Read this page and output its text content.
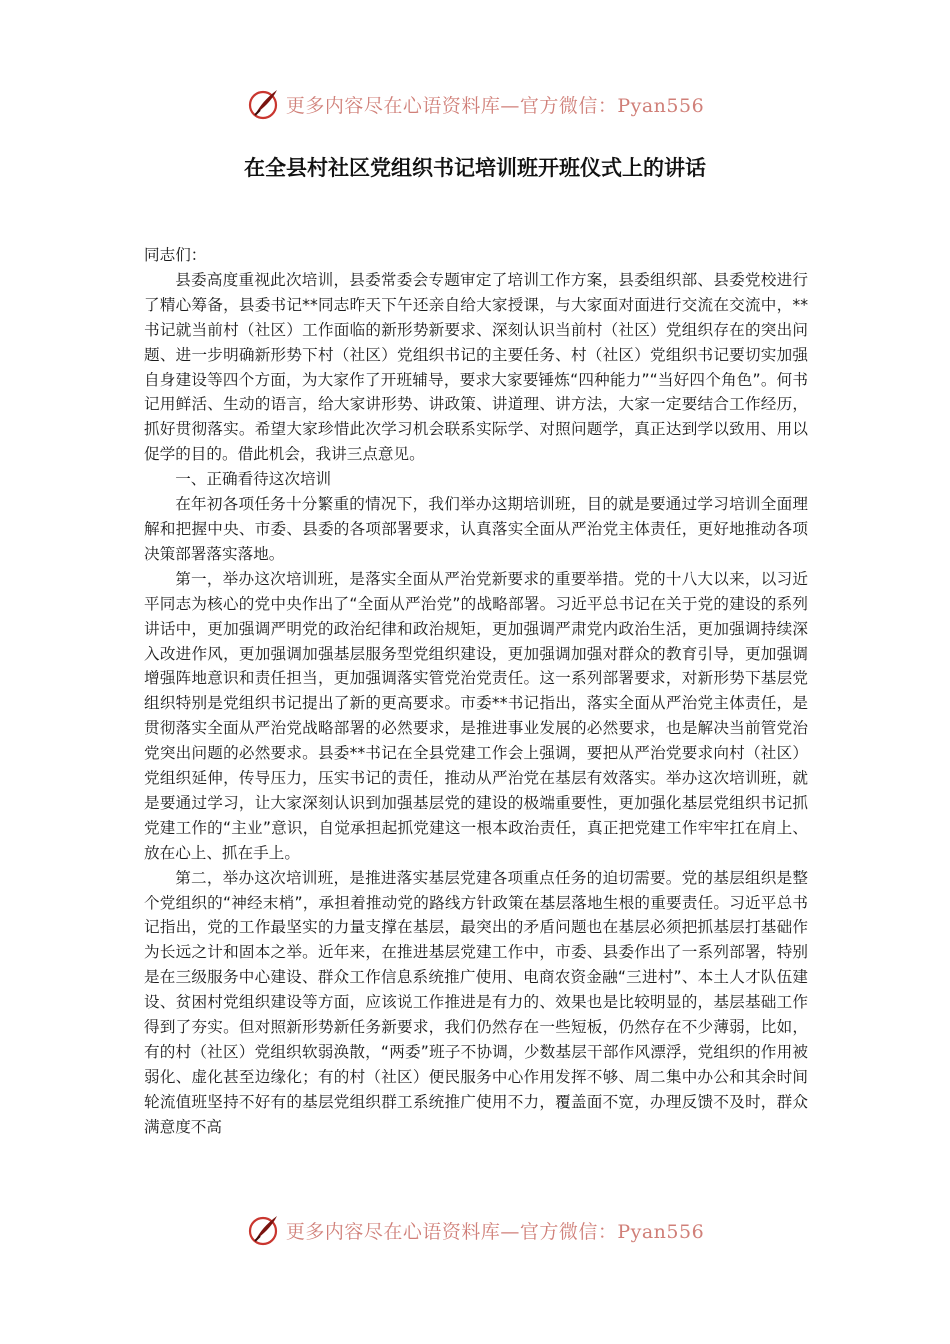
更多内容尽在心语资料库—官方微信：Pyan556
在全县村社区党组织书记培训班开班仪式上的讲话

同志们：

县委高度重视此次培训，县委常委会专题审定了培训工作方案，县委组织部、县委党校进行了精心筹备，县委书记**同志昨天下午还亲自给大家授课，与大家面对面进行交流在交流中，**书记就当前村（社区）工作面临的新形势新要求、深刻认识当前村（社区）党组织存在的突出问题、进一步明确新形势下村（社区）党组织书记的主要任务、村（社区）党组织书记要切实加强自身建设等四个方面，为大家作了开班辅导，要求大家要锤炼“四种能力”“当好四个角色”。何书记用鲜活、生动的语言，给大家讲形势、讲政策、讲道理、讲方法，大家一定要结合工作经历，抓好贯彻落实。希望大家珍惜此次学习机会联系实际学、对照问题学，真正达到学以致用、用以促学的目的。借此机会，我讲三点意见。

一、正确看待这次培训

在年初各项任务十分繁重的情况下，我们举办这期培训班，目的就是要通过学习培训全面理解和把握中央、市委、县委的各项部署要求，认真落实全面从严治党主体责任，更好地推动各项决策部署落实落地。

第一，举办这次培训班，是落实全面从严治党新要求的重要举措。党的十八大以来，以习近平同志为核心的党中央作出了“全面从严治党”的战略部署。习近平总书记在关于党的建设的系列讲话中，更加强调严明党的政治纪律和政治规矩，更加强调严肃党内政治生活，更加强调持续深入改进作风，更加强调加强基层服务型党组织建设，更加强调加强对群众的教育引导，更加强调增强阵地意识和责任担当，更加强调落实管党治党责任。这一系列部署要求，对新形势下基层党组织特别是党组织书记提出了新的更高要求。市委**书记指出，落实全面从严治党主体责任，是贯彻落实全面从严治党战略部署的必然要求，是推进事业发展的必然要求，也是解决当前管党治党突出问题的必然要求。县委**书记在全县党建工作会上强调，要把从严治党要求向村（社区）党组织延伸，传导压力，压实书记的责任，推动从严治党在基层有效落实。举办这次培训班，就是要通过学习，让大家深刻认识到加强基层党的建设的极端重要性，更加强化基层党组织书记抓党建工作的“主业”意识，自觉承担起抓党建这一根本政治责任，真正把党建工作牢牢扛在肩上、放在心上、抓在手上。

第二，举办这次培训班，是推进落实基层党建各项重点任务的迫切需要。党的基层组织是整个党组织的“神经末梢”，承担着推动党的路线方针政策在基层落地生根的重要责任。习近平总书记指出，党的工作最坚实的力量支撑在基层，最突出的矛盾问题也在基层必须把抓基层打基础作为长远之计和固本之举。近年来，在推进基层党建工作中，市委、县委作出了一系列部署，特别是在三级服务中心建设、群众工作信息系统推广使用、电商农资金融“三进村”、本土人才队伍建设、贫困村党组织建设等方面，应该说工作推进是有力的、效果也是比较明显的，基层基础工作得到了夯实。但对照新形势新任务新要求，我们仍然存在一些短板，仍然存在不少薄弱，比如，有的村（社区）党组织软弱涣散，“两委”班子不协调，少数基层干部作风漂浮，党组织的作用被弱化、虚化甚至边缘化；有的村（社区）便民服务中心作用发挥不够、周二集中办公和其余时间轮流值班坚持不好有的基层党组织群工系统推广使用不力，覆盖面不宽，办理反馈不及时，群众满意度不高

更多内容尽在心语资料库—官方微信：Pyan556
